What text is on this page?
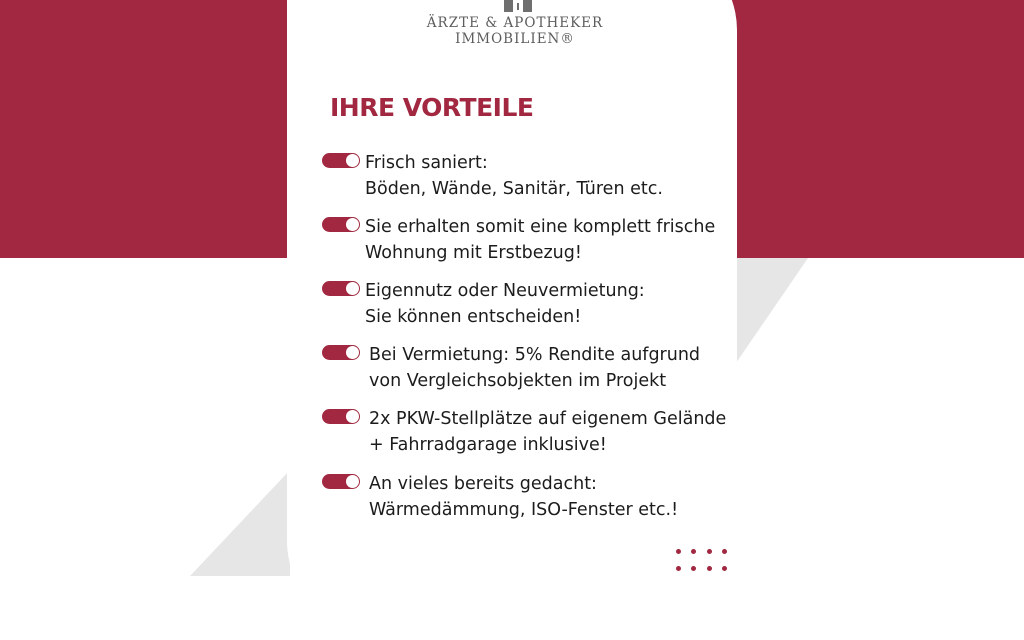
ÄRZTE & APOTHEKER
IMMOBILIEN®
IHRE VORTEILE
Frisch saniert:
Böden, Wände, Sanitär, Türen etc.
Sie erhalten somit eine komplett frische
Wohnung mit Erstbezug!
Eigennutz oder Neuvermietung:
Sie können entscheiden!
Bei Vermietung: 5% Rendite aufgrund
von Vergleichsobjekten im Projekt
2x PKW-Stellplätze auf eigenem Gelände
+ Fahrradgarage inklusive!
An vieles bereits gedacht:
Wärmedämmung, ISO-Fenster etc.!
